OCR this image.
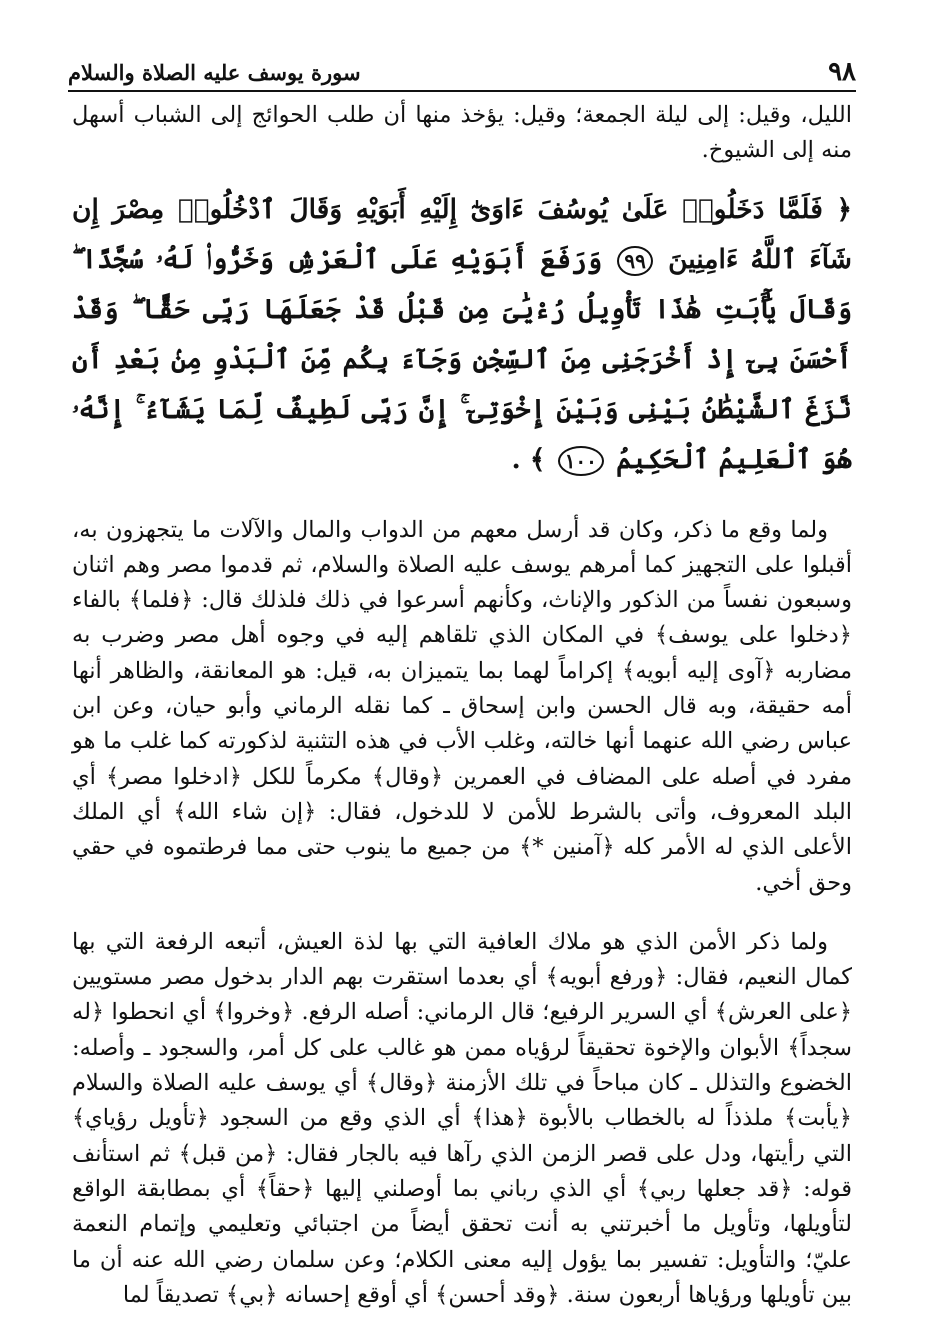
٩٨
سورة يوسف عليه الصلاة والسلام

الليل، وقيل: إلى ليلة الجمعة؛ وقيل: يؤخذ منها أن طلب الحوائج إلى الشباب أسهل منه إلى الشيوخ.

﴿ فَلَمَّا دَخَلُوا۟ عَلَىٰ يُوسُفَ ءَاوَىٰٓ إِلَيْهِ أَبَوَيْهِ وَقَالَ ٱدْخُلُوا۟ مِصْرَ إِن شَآءَ ٱللَّهُ ءَامِنِينَ ٩٩ وَرَفَعَ أَبَوَيْهِ عَلَى ٱلْعَرْشِ وَخَرُّوا۟ لَهُۥ سُجَّدًا ۖ وَقَالَ يَٰٓأَبَتِ هَٰذَا تَأْوِيلُ رُءْيَٰىَ مِن قَبْلُ قَدْ جَعَلَهَا رَبِّى حَقًّا ۖ وَقَدْ أَحْسَنَ بِىٓ إِذْ أَخْرَجَنِى مِنَ ٱلسِّجْنِ وَجَآءَ بِكُم مِّنَ ٱلْبَدْوِ مِنۢ بَعْدِ أَن نَّزَغَ ٱلشَّيْطَٰنُ بَيْنِى وَبَيْنَ إِخْوَتِىٓ ۚ إِنَّ رَبِّى لَطِيفٌ لِّمَا يَشَآءُ ۚ إِنَّهُۥ هُوَ ٱلْعَلِيمُ ٱلْحَكِيمُ ١٠٠ ﴾ .

ولما وقع ما ذكر، وكان قد أرسل معهم من الدواب والمال والآلات ما يتجهزون به، أقبلوا على التجهيز كما أمرهم يوسف عليه الصلاة والسلام، ثم قدموا مصر وهم اثنان وسبعون نفساً من الذكور والإناث، وكأنهم أسرعوا في ذلك فلذلك قال: ﴿فلما﴾ بالفاء ﴿دخلوا على يوسف﴾ في المكان الذي تلقاهم إليه في وجوه أهل مصر وضرب به مضاربه ﴿آوى إليه أبويه﴾ إكراماً لهما بما يتميزان به، قيل: هو المعانقة، والظاهر أنها أمه حقيقة، وبه قال الحسن وابن إسحاق ـ كما نقله الرماني وأبو حيان، وعن ابن عباس رضي الله عنهما أنها خالته، وغلب الأب في هذه التثنية لذكورته كما غلب ما هو مفرد في أصله على المضاف في العمرين ﴿وقال﴾ مكرماً للكل ﴿ادخلوا مصر﴾ أي البلد المعروف، وأتى بالشرط للأمن لا للدخول، فقال: ﴿إن شاء الله﴾ أي الملك الأعلى الذي له الأمر كله ﴿آمنين *﴾ من جميع ما ينوب حتى مما فرطتموه في حقي وحق أخي.

ولما ذكر الأمن الذي هو ملاك العافية التي بها لذة العيش، أتبعه الرفعة التي بها كمال النعيم، فقال: ﴿ورفع أبويه﴾ أي بعدما استقرت بهم الدار بدخول مصر مستويين ﴿على العرش﴾ أي السرير الرفيع؛ قال الرماني: أصله الرفع. ﴿وخروا﴾ أي انحطوا ﴿له سجداً﴾ الأبوان والإخوة تحقيقاً لرؤياه ممن هو غالب على كل أمر، والسجود ـ وأصله: الخضوع والتذلل ـ كان مباحاً في تلك الأزمنة ﴿وقال﴾ أي يوسف عليه الصلاة والسلام ﴿يأبت﴾ ملذذاً له بالخطاب بالأبوة ﴿هذا﴾ أي الذي وقع من السجود ﴿تأويل رؤياي﴾ التي رأيتها، ودل على قصر الزمن الذي رآها فيه بالجار فقال: ﴿من قبل﴾ ثم استأنف قوله: ﴿قد جعلها ربي﴾ أي الذي رباني بما أوصلني إليها ﴿حقاً﴾ أي بمطابقة الواقع لتأويلها، وتأويل ما أخبرتني به أنت تحقق أيضاً من اجتبائي وتعليمي وإتمام النعمة عليّ؛ والتأويل: تفسير بما يؤول إليه معنى الكلام؛ وعن سلمان رضي الله عنه أن ما بين تأويلها ورؤياها أربعون سنة. ﴿وقد أحسن﴾ أي أوقع إحسانه ﴿بي﴾ تصديقاً لما
